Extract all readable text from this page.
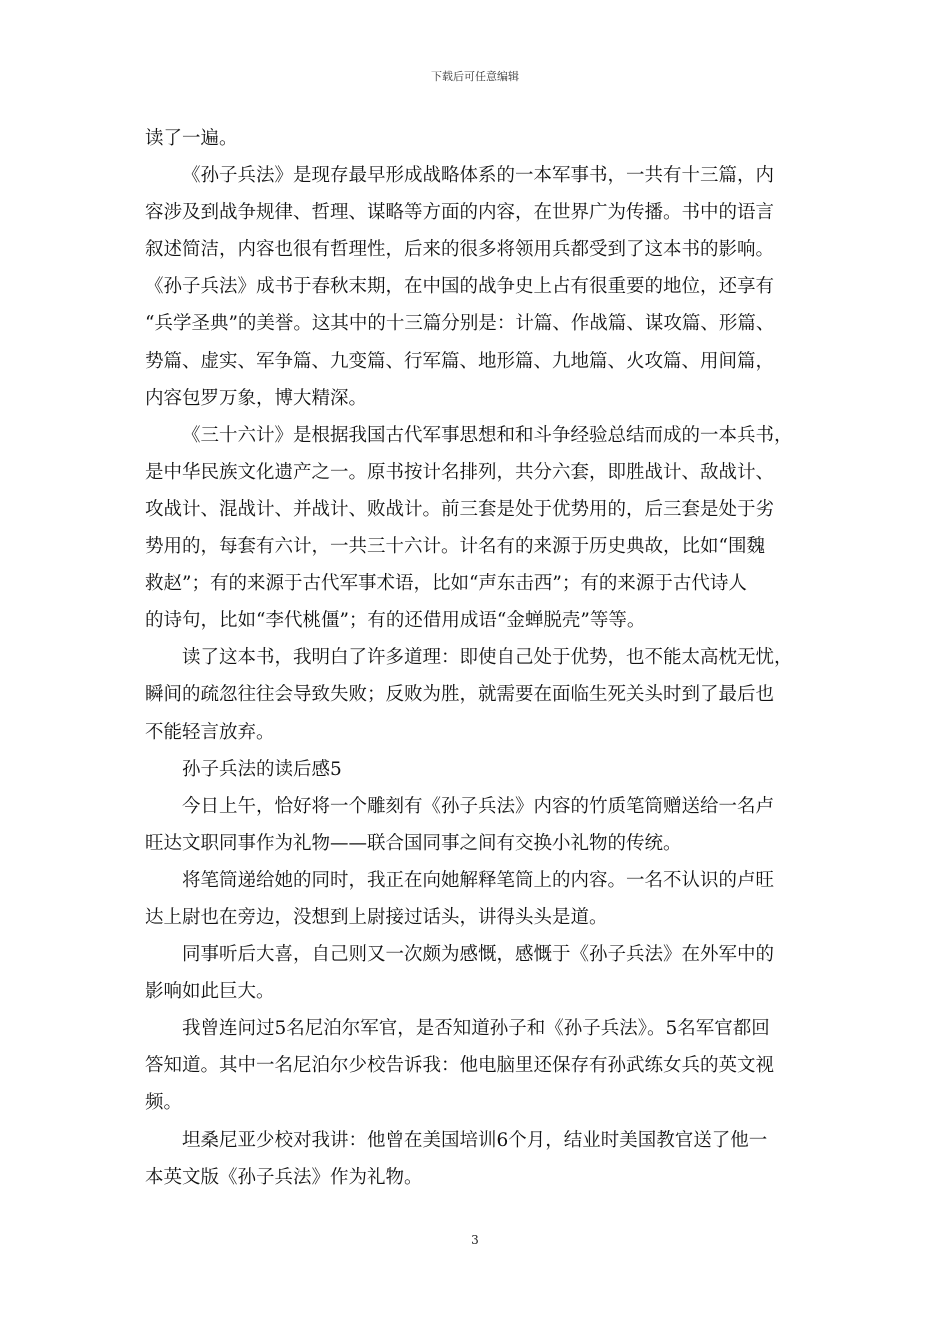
下载后可任意编辑
读了一遍。
《孙子兵法》是现存最早形成战略体系的一本军事书，一共有十三篇，内
容涉及到战争规律、哲理、谋略等方面的内容，在世界广为传播。书中的语言
叙述简洁，内容也很有哲理性，后来的很多将领用兵都受到了这本书的影响。
《孙子兵法》成书于春秋末期，在中国的战争史上占有很重要的地位，还享有
“兵学圣典”的美誉。这其中的十三篇分别是：计篇、作战篇、谋攻篇、形篇、
势篇、虚实、军争篇、九变篇、行军篇、地形篇、九地篇、火攻篇、用间篇，
内容包罗万象，博大精深。
《三十六计》是根据我国古代军事思想和和斗争经验总结而成的一本兵书，
是中华民族文化遗产之一。原书按计名排列，共分六套，即胜战计、敌战计、
攻战计、混战计、并战计、败战计。前三套是处于优势用的，后三套是处于劣
势用的，每套有六计，一共三十六计。计名有的来源于历史典故，比如“围魏
救赵”；有的来源于古代军事术语，比如“声东击西”；有的来源于古代诗人
的诗句，比如“李代桃僵”；有的还借用成语“金蝉脱壳”等等。
读了这本书，我明白了许多道理：即使自己处于优势，也不能太高枕无忧，
瞬间的疏忽往往会导致失败；反败为胜，就需要在面临生死关头时到了最后也
不能轻言放弃。
孙子兵法的读后感5
今日上午，恰好将一个雕刻有《孙子兵法》内容的竹质笔筒赠送给一名卢
旺达文职同事作为礼物——联合国同事之间有交换小礼物的传统。
将笔筒递给她的同时，我正在向她解释笔筒上的内容。一名不认识的卢旺
达上尉也在旁边，没想到上尉接过话头，讲得头头是道。
同事听后大喜，自己则又一次颇为感慨，感慨于《孙子兵法》在外军中的
影响如此巨大。
我曾连问过5名尼泊尔军官，是否知道孙子和《孙子兵法》。5名军官都回
答知道。其中一名尼泊尔少校告诉我：他电脑里还保存有孙武练女兵的英文视
频。
坦桑尼亚少校对我讲：他曾在美国培训6个月，结业时美国教官送了他一
本英文版《孙子兵法》作为礼物。
3
